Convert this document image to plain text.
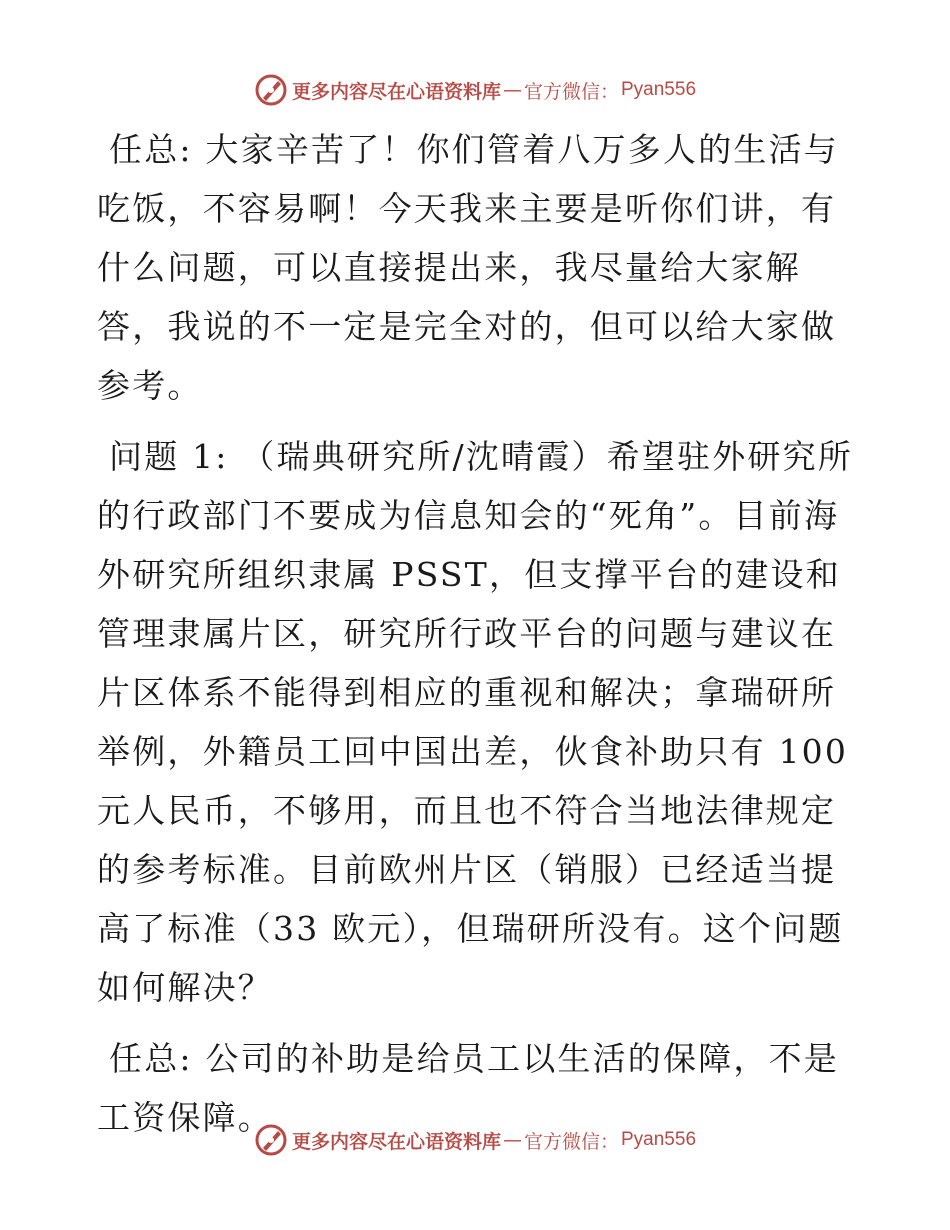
更多内容尽在心语资料库 — 官方微信： Pyan556

任总: 大家辛苦了！你们管着八万多人的生活与吃饭，不容易啊！今天我来主要是听你们讲，有什么问题，可以直接提出来，我尽量给大家解答，我说的不一定是完全对的，但可以给大家做参考。

问题 1: （瑞典研究所/沈晴霞）希望驻外研究所的行政部门不要成为信息知会的“死角”。目前海外研究所组织隶属 PSST，但支撑平台的建设和管理隶属片区，研究所行政平台的问题与建议在片区体系不能得到相应的重视和解决；拿瑞研所举例，外籍员工回中国出差，伙食补助只有 100 元人民币，不够用，而且也不符合当地法律规定的参考标准。目前欧州片区（销服）已经适当提高了标准（33 欧元），但瑞研所没有。这个问题如何解决？

任总: 公司的补助是给员工以生活的保障，不是工资保障。

更多内容尽在心语资料库 — 官方微信： Pyan556
